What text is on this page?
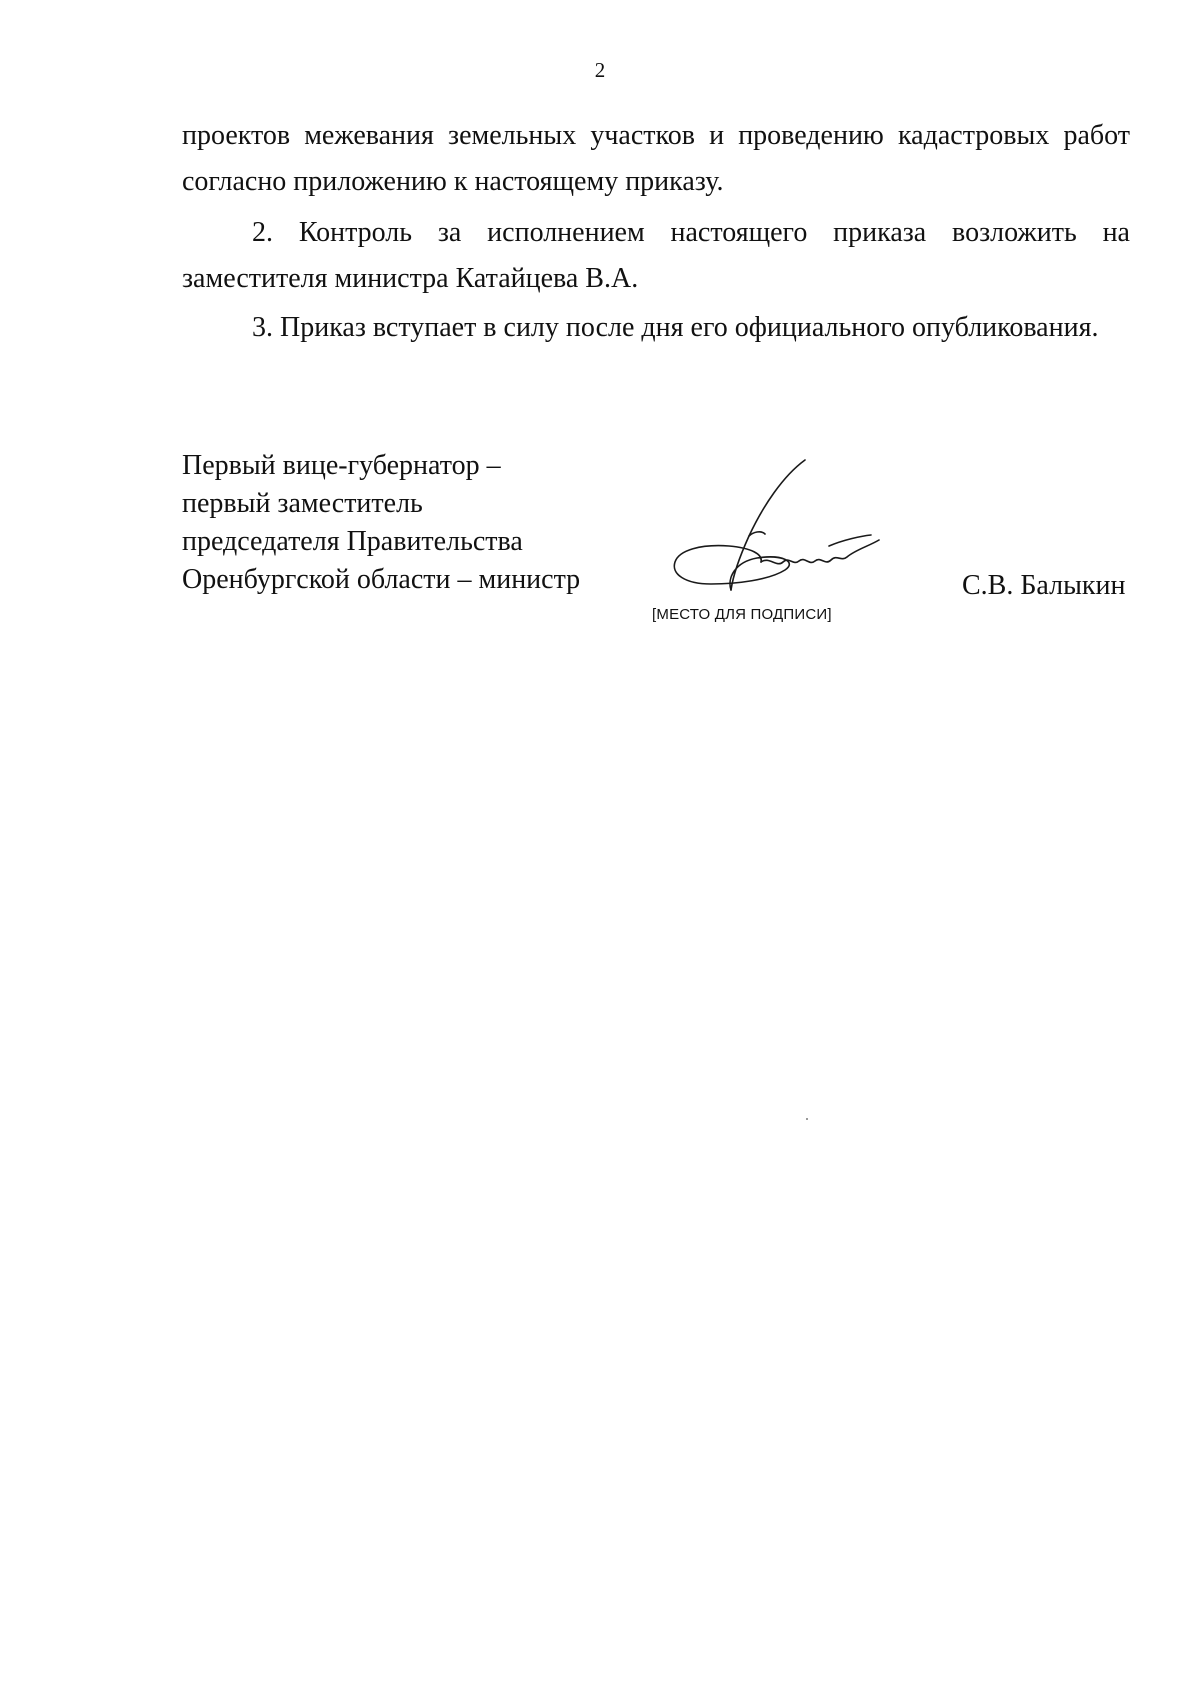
2
проектов межевания земельных участков и проведению кадастровых работ
согласно приложению к настоящему приказу.
2. Контроль за исполнением настоящего приказа возложить на
заместителя министра Катайцева В.А.
3. Приказ вступает в силу после дня его официального опубликования.
Первый вице-губернатор –
первый заместитель
председателя Правительства
Оренбургской области – министр
[МЕСТО ДЛЯ ПОДПИСИ]
С.В. Балыкин
